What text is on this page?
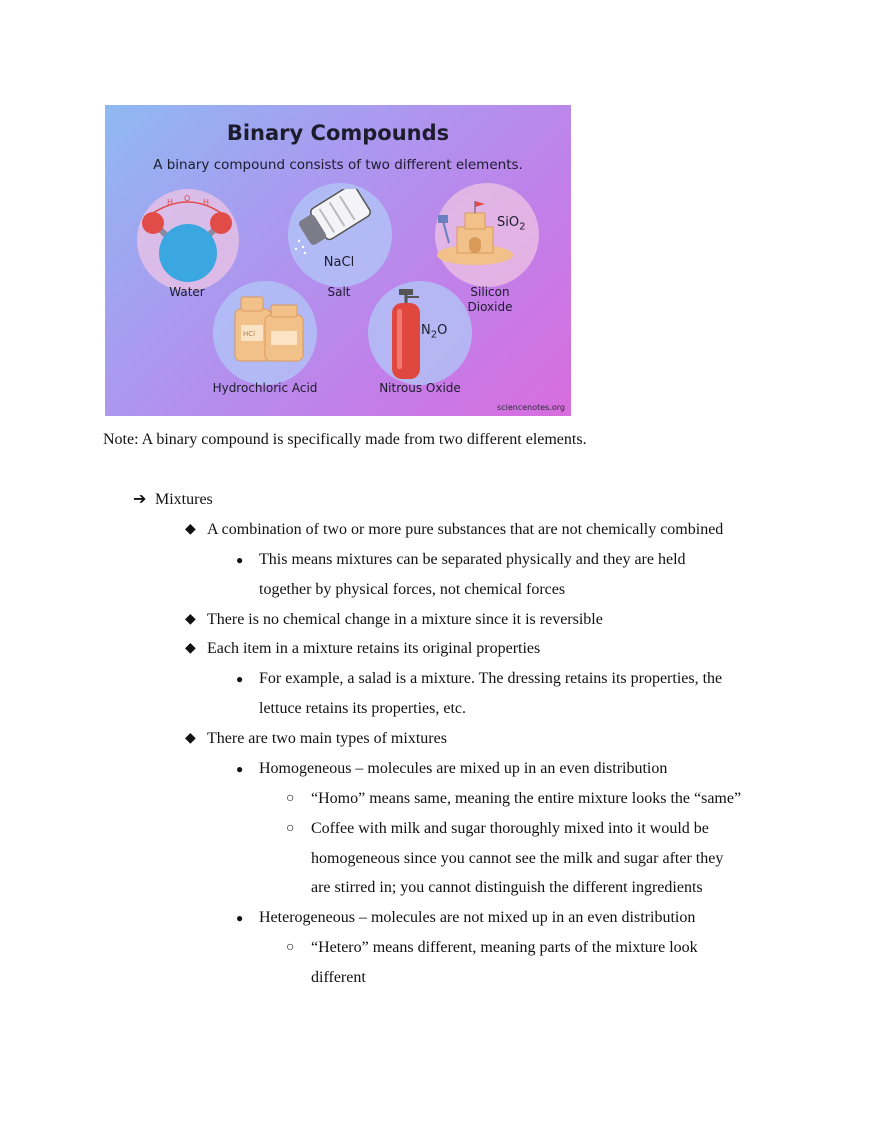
Binary Compounds
A binary compound consists of two different elements.
H O H
Water
NaCl
Salt
SiO$_2$
Silicon
Dioxide
HCl
Hydrochloric Acid
$N_2O$
Nitrous Oxide
sciencenotes.org
Note: A binary compound is specifically made from two different elements.
➔ Mixtures
◆ A combination of two or more pure substances that are not chemically combined
● This means mixtures can be separated physically and they are held
together by physical forces, not chemical forces
◆ There is no chemical change in a mixture since it is reversible
◆ Each item in a mixture retains its original properties
● For example, a salad is a mixture. The dressing retains its properties, the
lettuce retains its properties, etc.
◆ There are two main types of mixtures
● Homogeneous – molecules are mixed up in an even distribution
○ “Homo” means same, meaning the entire mixture looks the “same”
○ Coffee with milk and sugar thoroughly mixed into it would be
homogeneous since you cannot see the milk and sugar after they
are stirred in; you cannot distinguish the different ingredients
● Heterogeneous – molecules are not mixed up in an even distribution
○ “Hetero” means different, meaning parts of the mixture look
different
